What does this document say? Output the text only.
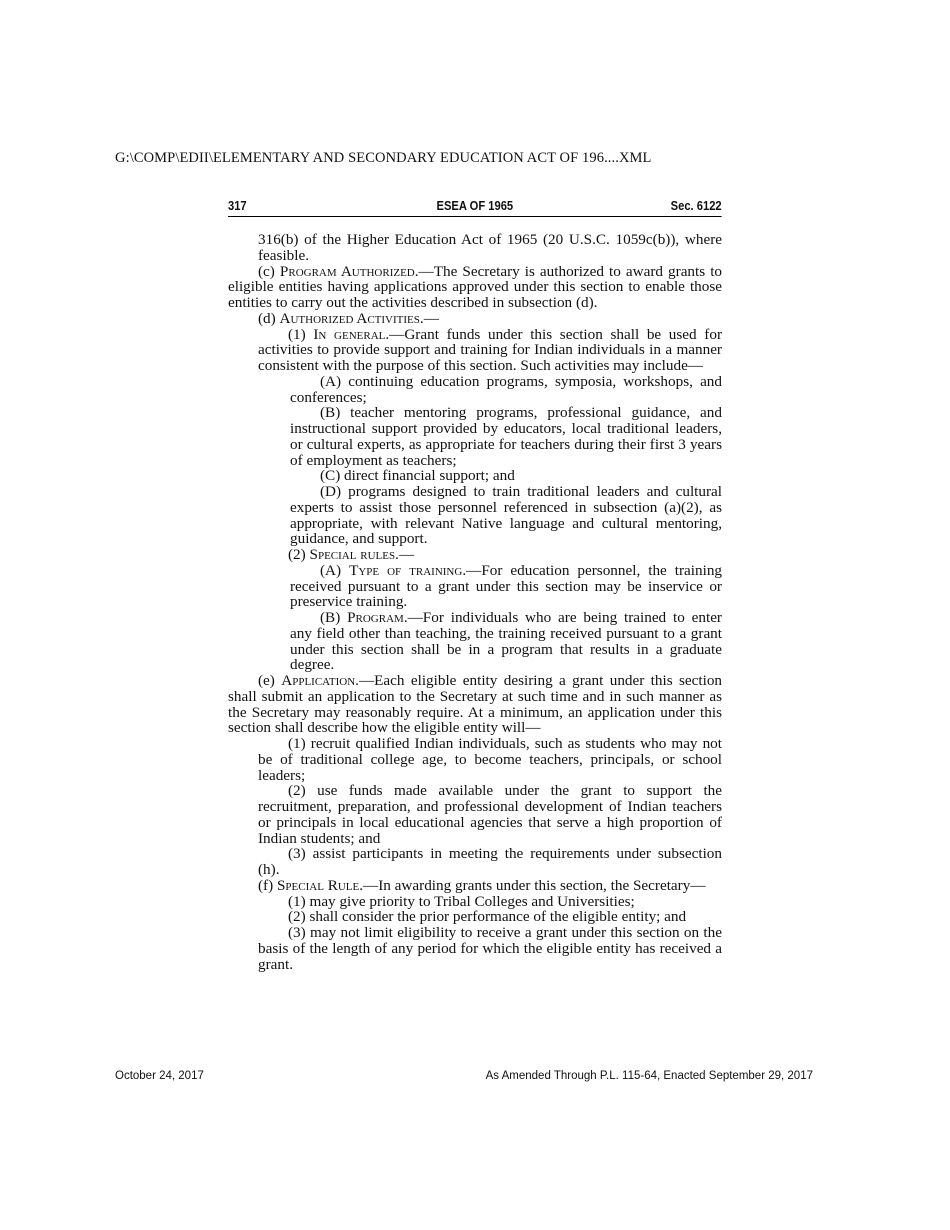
G:\COMP\EDII\ELEMENTARY AND SECONDARY EDUCATION ACT OF 196....XML
317	ESEA OF 1965	Sec. 6122

316(b) of the Higher Education Act of 1965 (20 U.S.C. 1059c(b)), where feasible.

(c) Program Authorized.—The Secretary is authorized to award grants to eligible entities having applications approved under this section to enable those entities to carry out the activities described in subsection (d).

(d) Authorized Activities.—

(1) In general.—Grant funds under this section shall be used for activities to provide support and training for Indian individuals in a manner consistent with the purpose of this section. Such activities may include—

(A) continuing education programs, symposia, workshops, and conferences;

(B) teacher mentoring programs, professional guidance, and instructional support provided by educators, local traditional leaders, or cultural experts, as appropriate for teachers during their first 3 years of employment as teachers;

(C) direct financial support; and

(D) programs designed to train traditional leaders and cultural experts to assist those personnel referenced in subsection (a)(2), as appropriate, with relevant Native language and cultural mentoring, guidance, and support.

(2) Special rules.—

(A) Type of training.—For education personnel, the training received pursuant to a grant under this section may be inservice or preservice training.

(B) Program.—For individuals who are being trained to enter any field other than teaching, the training received pursuant to a grant under this section shall be in a program that results in a graduate degree.

(e) Application.—Each eligible entity desiring a grant under this section shall submit an application to the Secretary at such time and in such manner as the Secretary may reasonably require. At a minimum, an application under this section shall describe how the eligible entity will—

(1) recruit qualified Indian individuals, such as students who may not be of traditional college age, to become teachers, principals, or school leaders;

(2) use funds made available under the grant to support the recruitment, preparation, and professional development of Indian teachers or principals in local educational agencies that serve a high proportion of Indian students; and

(3) assist participants in meeting the requirements under subsection (h).

(f) Special Rule.—In awarding grants under this section, the Secretary—

(1) may give priority to Tribal Colleges and Universities;

(2) shall consider the prior performance of the eligible entity; and

(3) may not limit eligibility to receive a grant under this section on the basis of the length of any period for which the eligible entity has received a grant.

October 24, 2017	As Amended Through P.L. 115-64, Enacted September 29, 2017
